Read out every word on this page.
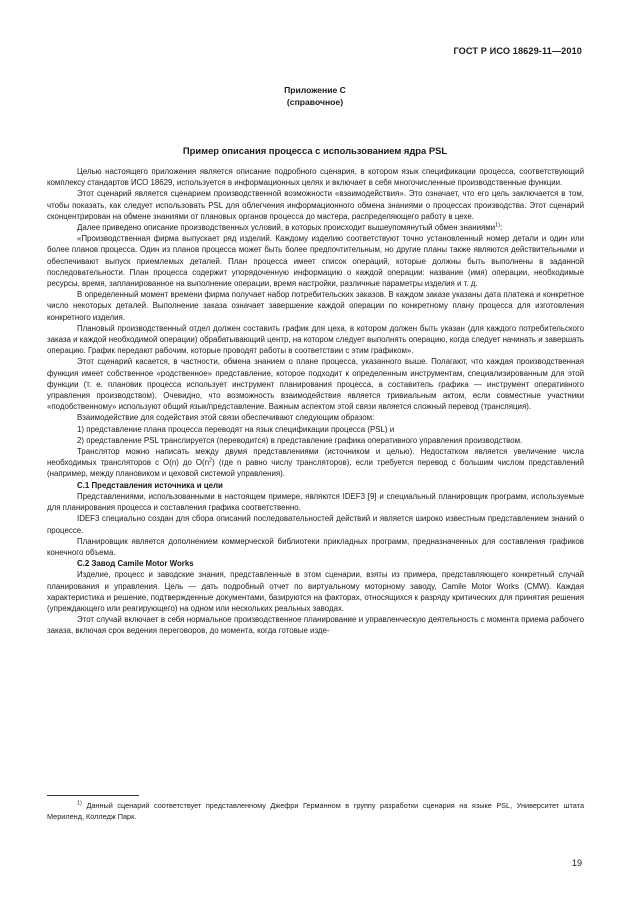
ГОСТ Р ИСО 18629-11—2010
Приложение С
(справочное)
Пример описания процесса с использованием ядра PSL

Целью настоящего приложения является описание подробного сценария, в котором язык спецификации процесса, соответствующий комплексу стандартов ИСО 18629, используется в информационных целях и включает в себя многочисленные производственные функции.

Этот сценарий является сценарием производственной возможности «взаимодействия». Это означает, что его цель заключается в том, чтобы показать, как следует использовать PSL для облегчения информационного обмена знаниями о процессах производства. Этот сценарий сконцентрирован на обмене знаниями от плановых органов процесса до мастера, распределяющего работу в цехе.

Далее приведено описание производственных условий, в которых происходит вышеупомянутый обмен знаниями$^{1)}$:

«Производственная фирма выпускает ряд изделий. Каждому изделию соответствуют точно установленный номер детали и один или более планов процесса. Один из планов процесса может быть более предпочтительным, но другие планы также являются действительными и обеспечивают выпуск приемлемых деталей. План процесса имеет список операций, которые должны быть выполнены в заданной последовательности. План процесса содержит упорядоченную информацию о каждой операции: название (имя) операции, необходимые ресурсы, время, запланированное на выполнение операции, время настройки, различные параметры изделия и т. д.

В определенный момент времени фирма получает набор потребительских заказов. В каждом заказе указаны дата платежа и конкретное число некоторых деталей. Выполнение заказа означает завершение каждой операции по конкретному плану процесса для изготовления конкретного изделия.

Плановый производственный отдел должен составить график для цеха, в котором должен быть указан (для каждого потребительского заказа и каждой необходимой операции) обрабатывающий центр, на котором следует выполнять операцию, когда следует начинать и завершать операцию. График передают рабочим, которые проводят работы в соответствии с этим графиком».

Этот сценарий касается, в частности, обмена знанием о плане процесса, указанного выше. Полагают, что каждая производственная функция имеет собственное «родственное» представление, которое подходит к определенным инструментам, специализированным для этой функции (т. е. плановик процесса использует инструмент планирования процесса, а составитель графика — инструмент оперативного управления производством). Очевидно, что возможность взаимодействия является тривиальным актом, если совместные участники «подобственному» используют общий язык/представление. Важным аспектом этой связи является сложный перевод (трансляция).

Взаимодействие для содействия этой связи обеспечивают следующим образом:

1) представление плана процесса переводят на язык спецификации процесса (PSL) и

2) представление PSL транслируется (переводится) в представление графика оперативного управления производством.

Транслятор можно написать между двумя представлениями (источником и целью). Недостатком является увеличение числа необходимых трансляторов с O(n) до $O(n^2)$ (где n равно числу трансляторов), если требуется перевод с большим числом представлений (например, между плановиком и цеховой системой управления).

С.1 Представления источника и цели

Представлениями, использованными в настоящем примере, являются IDEF3 [9] и специальный планировщик программ, используемые для планирования процесса и составления графика соответственно.

IDEF3 специально создан для сбора описаний последовательностей действий и является широко известным представлением знаний о процессе.

Планировщик является дополнением коммерческой библиотеки прикладных программ, предназначенных для составления графиков конечного объема.

С.2 Завод Camile Motor Works

Изделие, процесс и заводские знания, представленные в этом сценарии, взяты из примера, представляющего конкретный случай планирования и управления. Цель — дать подробный отчет по виртуальному моторному заводу, Camile Motor Works (CMW). Каждая характеристика и решение, подтвержденные документами, базируются на факторах, относящихся к разряду критических для принятия решения (упреждающего или реагирующего) на одном или нескольких реальных заводах.

Этот случай включает в себя нормальное производственное планирование и управленческую деятельность с момента приема рабочего заказа, включая срок ведения переговоров, до момента, когда готовые изде-

$^{1)}$ Данный сценарий соответствует представленному Джефри Германном в группу разработки сценария на языке PSL, Университет штата Мериленд, Колледж Парк.
19
